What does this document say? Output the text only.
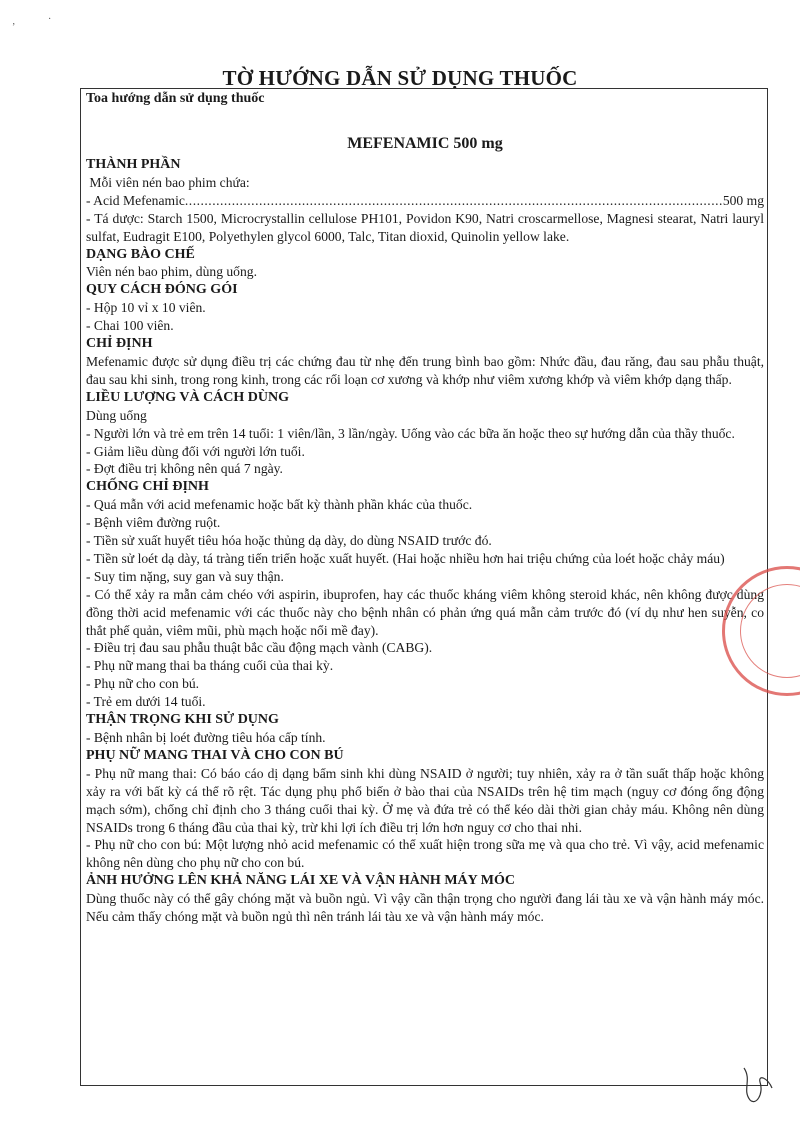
ʼ
·
TỜ HƯỚNG DẪN SỬ DỤNG THUỐC
Toa hướng dẫn sử dụng thuốc
MEFENAMIC 500 mg
THÀNH PHẦN

Mỗi viên nén bao phim chứa:

- Acid Mefenamic
.....	500 mg

- Tá dược: Starch 1500, Microcrystallin cellulose PH101, Povidon K90, Natri croscarmellose, Magnesi stearat, Natri lauryl sulfat, Eudragit E100, Polyethylen glycol 6000, Talc, Titan dioxid, Quinolin yellow lake.

DẠNG BÀO CHẾ

Viên nén bao phim, dùng uống.

QUY CÁCH ĐÓNG GÓI

- Hộp 10 vỉ x 10 viên.

- Chai 100 viên.

CHỈ ĐỊNH

Mefenamic được sử dụng điều trị các chứng đau từ nhẹ đến trung bình bao gồm: Nhức đầu, đau răng, đau sau phẫu thuật, đau sau khi sinh, trong rong kinh, trong các rối loạn cơ xương và khớp như viêm xương khớp và viêm khớp dạng thấp.

LIỀU LƯỢNG VÀ CÁCH DÙNG

Dùng uống

- Người lớn và trẻ em trên 14 tuổi: 1 viên/lần, 3 lần/ngày. Uống vào các bữa ăn hoặc theo sự hướng dẫn của thầy thuốc.

- Giảm liều dùng đối với người lớn tuổi.

- Đợt điều trị không nên quá 7 ngày.

CHỐNG CHỈ ĐỊNH

- Quá mẫn với acid mefenamic hoặc bất kỳ thành phần khác của thuốc.

- Bệnh viêm đường ruột.

- Tiền sử xuất huyết tiêu hóa hoặc thủng dạ dày, do dùng NSAID trước đó.

- Tiền sử loét dạ dày, tá tràng tiến triển hoặc xuất huyết. (Hai hoặc nhiều hơn hai triệu chứng của loét hoặc chảy máu)

- Suy tim nặng, suy gan và suy thận.

- Có thể xảy ra mẫn cảm chéo với aspirin, ibuprofen, hay các thuốc kháng viêm không steroid khác, nên không được dùng đồng thời acid mefenamic với các thuốc này cho bệnh nhân có phản ứng quá mẫn cảm trước đó (ví dụ như hen suyễn, co thắt phế quản, viêm mũi, phù mạch hoặc nổi mề đay).

- Điều trị đau sau phẫu thuật bắc cầu động mạch vành (CABG).

- Phụ nữ mang thai ba tháng cuối của thai kỳ.

- Phụ nữ cho con bú.

- Trẻ em dưới 14 tuổi.

THẬN TRỌNG KHI SỬ DỤNG

- Bệnh nhân bị loét đường tiêu hóa cấp tính.

PHỤ NỮ MANG THAI VÀ CHO CON BÚ

- Phụ nữ mang thai: Có báo cáo dị dạng bẩm sinh khi dùng NSAID ở người; tuy nhiên, xảy ra ở tần suất thấp hoặc không xảy ra với bất kỳ cá thể rõ rệt. Tác dụng phụ phổ biến ở bào thai của NSAIDs trên hệ tim mạch (nguy cơ đóng ống động mạch sớm), chống chỉ định cho 3 tháng cuối thai kỳ. Ở mẹ và đứa trẻ có thể kéo dài thời gian chảy máu. Không nên dùng NSAIDs trong 6 tháng đầu của thai kỳ, trừ khi lợi ích điều trị lớn hơn nguy cơ cho thai nhi.

- Phụ nữ cho con bú: Một lượng nhỏ acid mefenamic có thể xuất hiện trong sữa mẹ và qua cho trẻ. Vì vậy, acid mefenamic không nên dùng cho phụ nữ cho con bú.

ẢNH HƯỞNG LÊN KHẢ NĂNG LÁI XE VÀ VẬN HÀNH MÁY MÓC

Dùng thuốc này có thể gây chóng mặt và buồn ngủ. Vì vậy cần thận trọng cho người đang lái tàu xe và vận hành máy móc. Nếu cảm thấy chóng mặt và buồn ngủ thì nên tránh lái tàu xe và vận hành máy móc.
